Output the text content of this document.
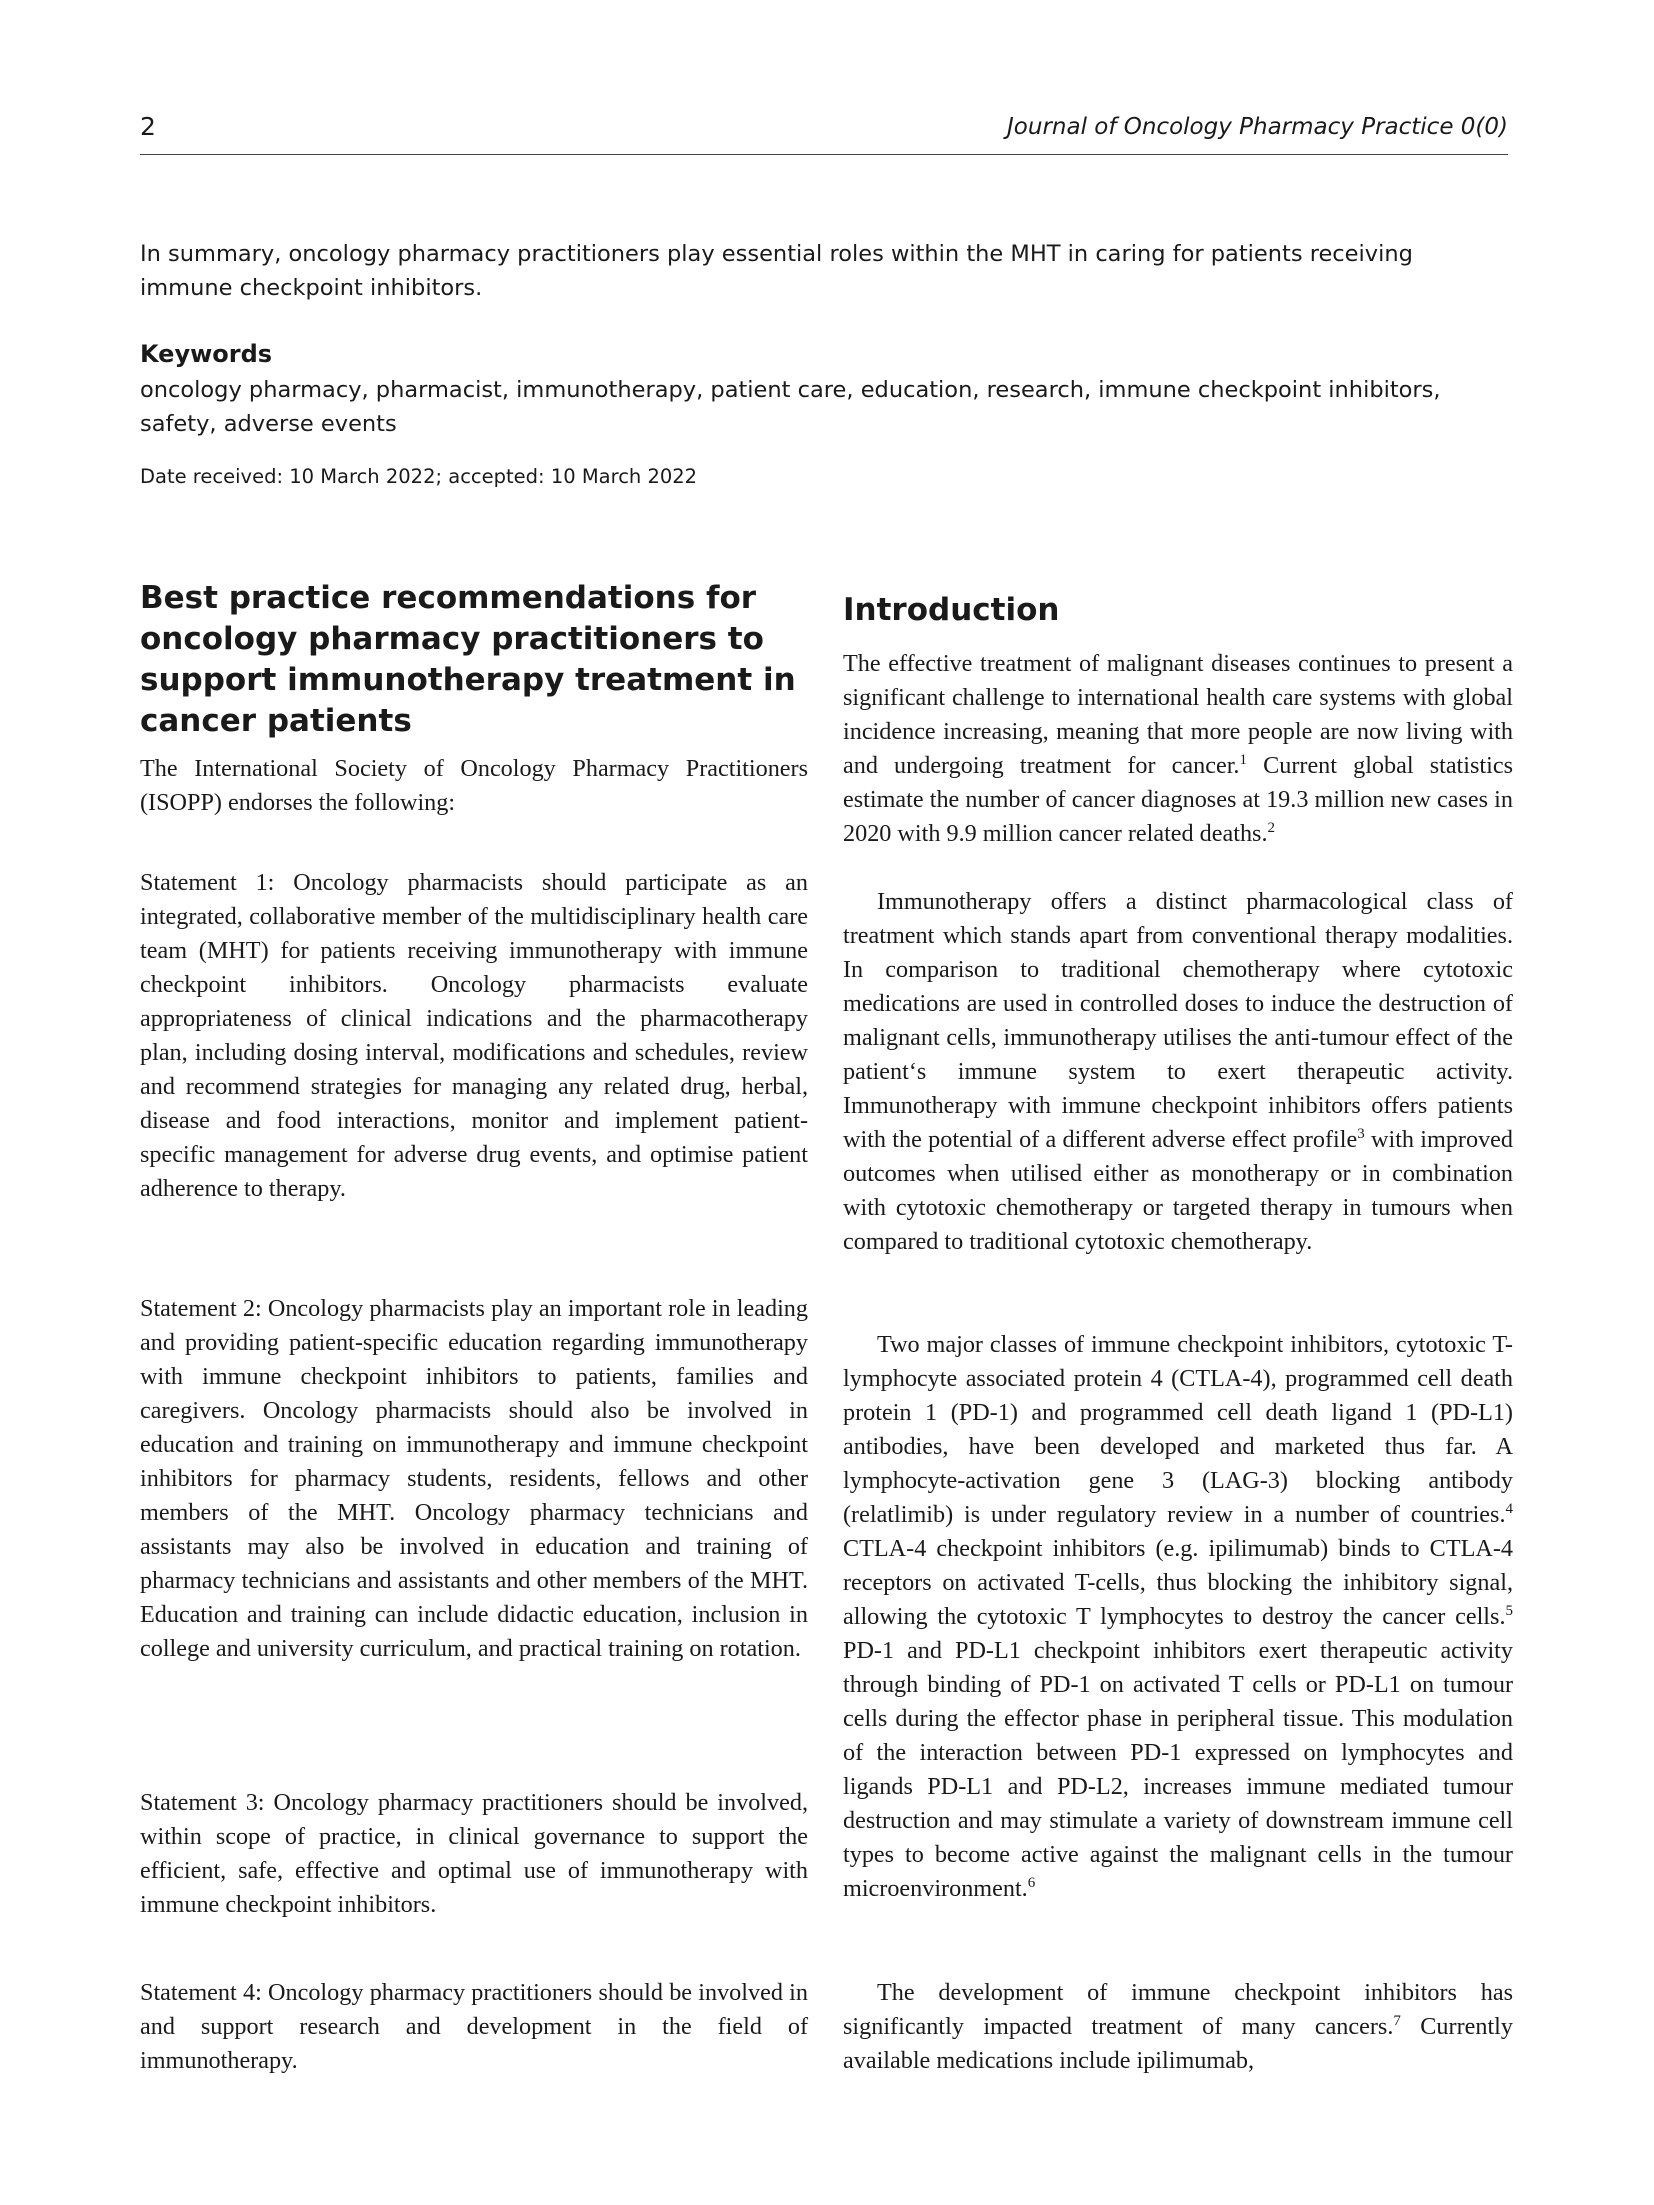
2	Journal of Oncology Pharmacy Practice 0(0)

In summary, oncology pharmacy practitioners play essential roles within the MHT in caring for patients receiving immune checkpoint inhibitors.

Keywords

oncology pharmacy, pharmacist, immunotherapy, patient care, education, research, immune checkpoint inhibitors, safety, adverse events

Date received: 10 March 2022; accepted: 10 March 2022
Best practice recommendations for oncology pharmacy practitioners to support immunotherapy treatment in cancer patients

The International Society of Oncology Pharmacy Practitioners (ISOPP) endorses the following:

Statement 1: Oncology pharmacists should participate as an integrated, collaborative member of the multidisciplinary health care team (MHT) for patients receiving immunotherapy with immune checkpoint inhibitors. Oncology pharmacists evaluate appropriateness of clinical indications and the pharmacotherapy plan, including dosing interval, modifications and schedules, review and recommend strategies for managing any related drug, herbal, disease and food interactions, monitor and implement patient-specific management for adverse drug events, and optimise patient adherence to therapy.

Statement 2: Oncology pharmacists play an important role in leading and providing patient-specific education regarding immunotherapy with immune checkpoint inhibitors to patients, families and caregivers. Oncology pharmacists should also be involved in education and training on immunotherapy and immune checkpoint inhibitors for pharmacy students, residents, fellows and other members of the MHT. Oncology pharmacy technicians and assistants may also be involved in education and training of pharmacy technicians and assistants and other members of the MHT. Education and training can include didactic education, inclusion in college and university curriculum, and practical training on rotation.

Statement 3: Oncology pharmacy practitioners should be involved, within scope of practice, in clinical governance to support the efficient, safe, effective and optimal use of immunotherapy with immune checkpoint inhibitors.

Statement 4: Oncology pharmacy practitioners should be involved in and support research and development in the field of immunotherapy.

Introduction

The effective treatment of malignant diseases continues to present a significant challenge to international health care systems with global incidence increasing, meaning that more people are now living with and undergoing treatment for cancer.$^1$ Current global statistics estimate the number of cancer diagnoses at 19.3 million new cases in 2020 with 9.9 million cancer related deaths.$^2$

Immunotherapy offers a distinct pharmacological class of treatment which stands apart from conventional therapy modalities. In comparison to traditional chemotherapy where cytotoxic medications are used in controlled doses to induce the destruction of malignant cells, immunotherapy utilises the anti-tumour effect of the patient‘s immune system to exert therapeutic activity. Immunotherapy with immune checkpoint inhibitors offers patients with the potential of a different adverse effect profile$^3$ with improved outcomes when utilised either as monotherapy or in combination with cytotoxic chemotherapy or targeted therapy in tumours when compared to traditional cytotoxic chemotherapy.

Two major classes of immune checkpoint inhibitors, cytotoxic T-lymphocyte associated protein 4 (CTLA-4), programmed cell death protein 1 (PD-1) and programmed cell death ligand 1 (PD-L1) antibodies, have been developed and marketed thus far. A lymphocyte-activation gene 3 (LAG-3) blocking antibody (relatlimib) is under regulatory review in a number of countries.$^4$ CTLA-4 checkpoint inhibitors (e.g. ipilimumab) binds to CTLA-4 receptors on activated T-cells, thus blocking the inhibitory signal, allowing the cytotoxic T lymphocytes to destroy the cancer cells.$^5$ PD-1 and PD-L1 checkpoint inhibitors exert therapeutic activity through binding of PD-1 on activated T cells or PD-L1 on tumour cells during the effector phase in peripheral tissue. This modulation of the interaction between PD-1 expressed on lymphocytes and ligands PD-L1 and PD-L2, increases immune mediated tumour destruction and may stimulate a variety of downstream immune cell types to become active against the malignant cells in the tumour microenvironment.$^6$

The development of immune checkpoint inhibitors has significantly impacted treatment of many cancers.$^7$ Currently available medications include ipilimumab,
